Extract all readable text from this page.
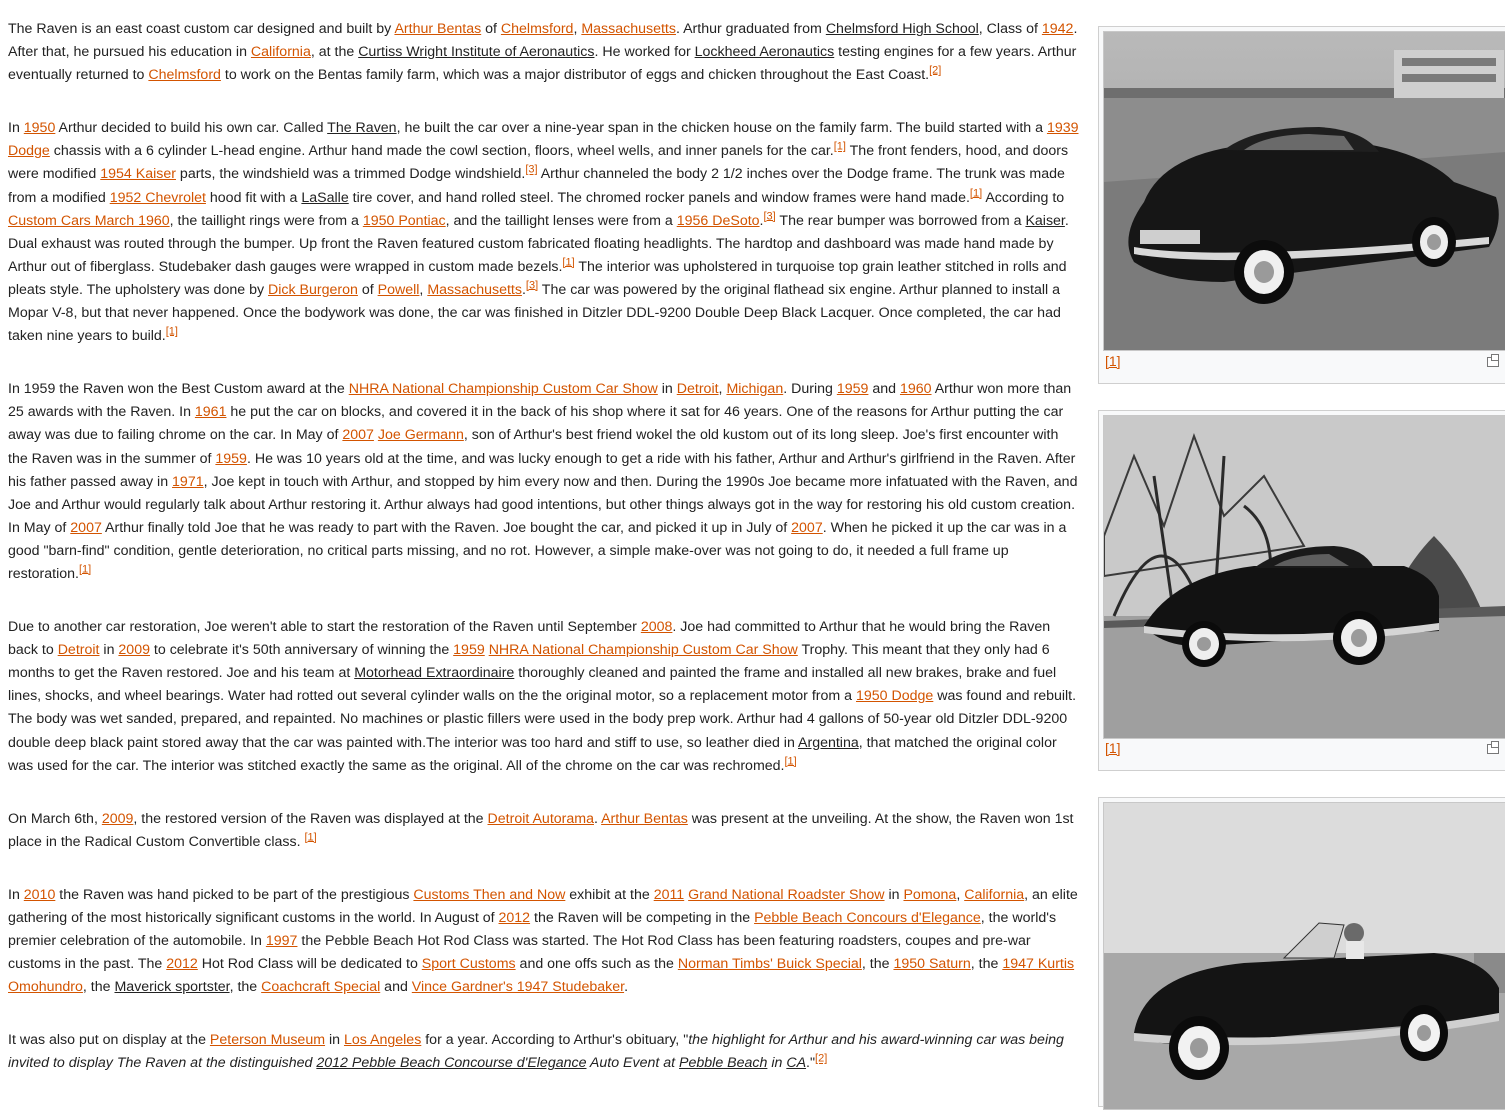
The Raven is an east coast custom car designed and built by Arthur Bentas of Chelmsford, Massachusetts. Arthur graduated from Chelmsford High School, Class of 1942. After that, he pursued his education in California, at the Curtiss Wright Institute of Aeronautics. He worked for Lockheed Aeronautics testing engines for a few years. Arthur eventually returned to Chelmsford to work on the Bentas family farm, which was a major distributor of eggs and chicken throughout the East Coast.[2]

In 1950 Arthur decided to build his own car. Called The Raven, he built the car over a nine-year span in the chicken house on the family farm. The build started with a 1939 Dodge chassis with a 6 cylinder L-head engine. Arthur hand made the cowl section, floors, wheel wells, and inner panels for the car.[1] The front fenders, hood, and doors were modified 1954 Kaiser parts, the windshield was a trimmed Dodge windshield.[3] Arthur channeled the body 2 1/2 inches over the Dodge frame. The trunk was made from a modified 1952 Chevrolet hood fit with a LaSalle tire cover, and hand rolled steel. The chromed rocker panels and window frames were hand made.[1] According to Custom Cars March 1960, the taillight rings were from a 1950 Pontiac, and the taillight lenses were from a 1956 DeSoto.[3] The rear bumper was borrowed from a Kaiser. Dual exhaust was routed through the bumper. Up front the Raven featured custom fabricated floating headlights. The hardtop and dashboard was made hand made by Arthur out of fiberglass. Studebaker dash gauges were wrapped in custom made bezels.[1] The interior was upholstered in turquoise top grain leather stitched in rolls and pleats style. The upholstery was done by Dick Burgeron of Powell, Massachusetts.[3] The car was powered by the original flathead six engine. Arthur planned to install a Mopar V-8, but that never happened. Once the bodywork was done, the car was finished in Ditzler DDL-9200 Double Deep Black Lacquer. Once completed, the car had taken nine years to build.[1]

In 1959 the Raven won the Best Custom award at the NHRA National Championship Custom Car Show in Detroit, Michigan. During 1959 and 1960 Arthur won more than 25 awards with the Raven. In 1961 he put the car on blocks, and covered it in the back of his shop where it sat for 46 years. One of the reasons for Arthur putting the car away was due to failing chrome on the car. In May of 2007 Joe Germann, son of Arthur's best friend wokel the old kustom out of its long sleep. Joe's first encounter with the Raven was in the summer of 1959. He was 10 years old at the time, and was lucky enough to get a ride with his father, Arthur and Arthur's girlfriend in the Raven. After his father passed away in 1971, Joe kept in touch with Arthur, and stopped by him every now and then. During the 1990s Joe became more infatuated with the Raven, and Joe and Arthur would regularly talk about Arthur restoring it. Arthur always had good intentions, but other things always got in the way for restoring his old custom creation. In May of 2007 Arthur finally told Joe that he was ready to part with the Raven. Joe bought the car, and picked it up in July of 2007. When he picked it up the car was in a good "barn-find" condition, gentle deterioration, no critical parts missing, and no rot. However, a simple make-over was not going to do, it needed a full frame up restoration.[1]

Due to another car restoration, Joe weren't able to start the restoration of the Raven until September 2008. Joe had committed to Arthur that he would bring the Raven back to Detroit in 2009 to celebrate it's 50th anniversary of winning the 1959 NHRA National Championship Custom Car Show Trophy. This meant that they only had 6 months to get the Raven restored. Joe and his team at Motorhead Extraordinaire thoroughly cleaned and painted the frame and installed all new brakes, brake and fuel lines, shocks, and wheel bearings. Water had rotted out several cylinder walls on the the original motor, so a replacement motor from a 1950 Dodge was found and rebuilt. The body was wet sanded, prepared, and repainted. No machines or plastic fillers were used in the body prep work. Arthur had 4 gallons of 50-year old Ditzler DDL-9200 double deep black paint stored away that the car was painted with.The interior was too hard and stiff to use, so leather died in Argentina, that matched the original color was used for the car. The interior was stitched exactly the same as the original. All of the chrome on the car was rechromed.[1]

On March 6th, 2009, the restored version of the Raven was displayed at the Detroit Autorama. Arthur Bentas was present at the unveiling. At the show, the Raven won 1st place in the Radical Custom Convertible class. [1]

In 2010 the Raven was hand picked to be part of the prestigious Customs Then and Now exhibit at the 2011 Grand National Roadster Show in Pomona, California, an elite gathering of the most historically significant customs in the world. In August of 2012 the Raven will be competing in the Pebble Beach Concours d'Elegance, the world's premier celebration of the automobile. In 1997 the Pebble Beach Hot Rod Class was started. The Hot Rod Class has been featuring roadsters, coupes and pre-war customs in the past. The 2012 Hot Rod Class will be dedicated to Sport Customs and one offs such as the Norman Timbs' Buick Special, the 1950 Saturn, the 1947 Kurtis Omohundro, the Maverick sportster, the Coachcraft Special and Vince Gardner's 1947 Studebaker.

It was also put on display at the Peterson Museum in Los Angeles for a year. According to Arthur's obituary, "the highlight for Arthur and his award-winning car was being invited to display The Raven at the distinguished 2012 Pebble Beach Concourse d'Elegance Auto Event at Pebble Beach in CA."[2]

[1]
[1]
